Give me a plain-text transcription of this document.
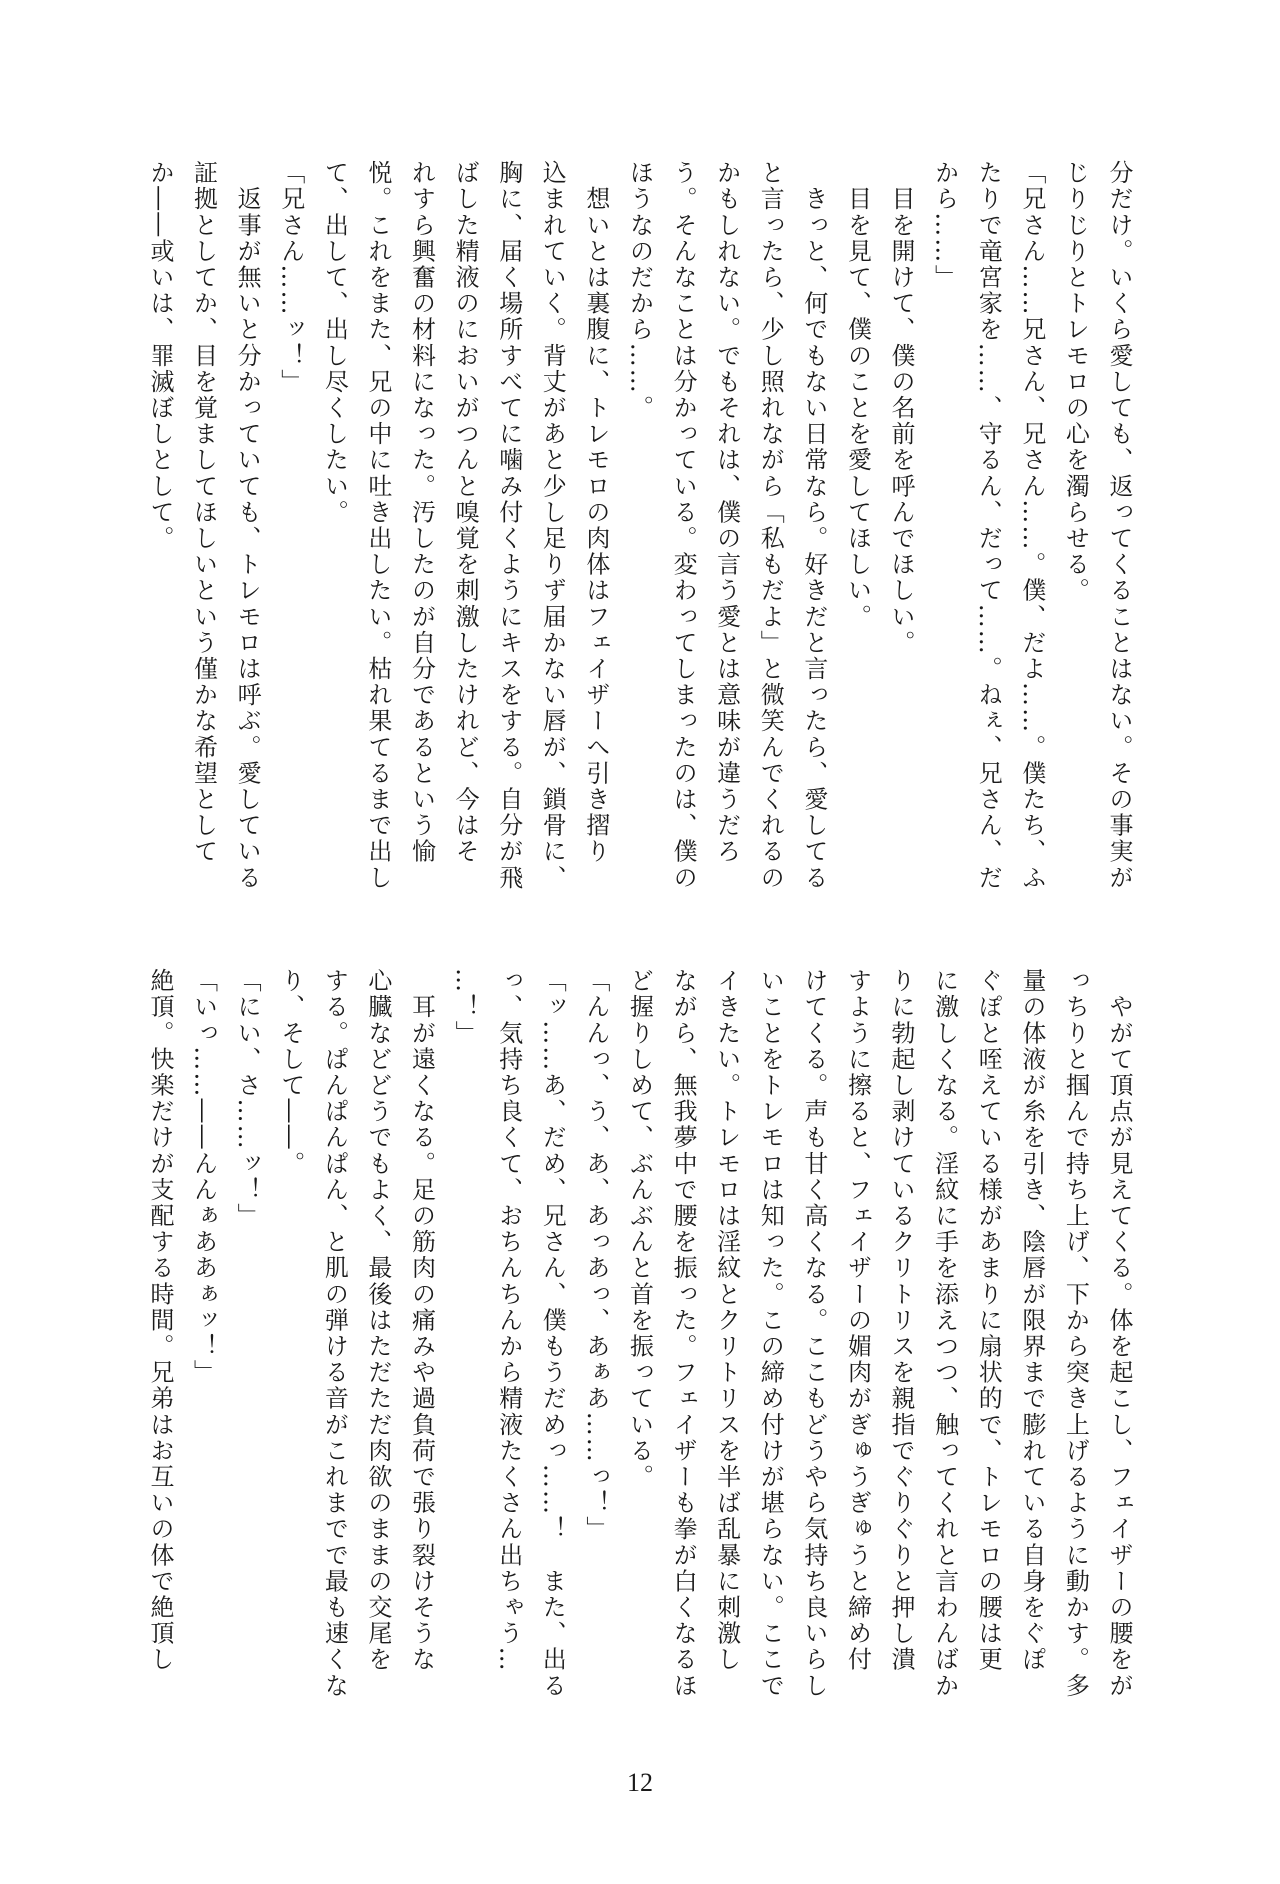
分だけ。いくら愛しても、返ってくることはない。その事実が
じりじりとトレモロの心を濁らせる。
「兄さん……兄さん、兄さん……。僕、だよ……。僕たち、ふ
たりで竜宮家を……、守るん、だって……。ねぇ、兄さん、だ
から……」
　目を開けて、僕の名前を呼んでほしい。
　目を見て、僕のことを愛してほしい。
　きっと、何でもない日常なら。好きだと言ったら、愛してる
と言ったら、少し照れながら「私もだよ」と微笑んでくれるの
かもしれない。でもそれは、僕の言う愛とは意味が違うだろ
う。そんなことは分かっている。変わってしまったのは、僕の
ほうなのだから……。
　想いとは裏腹に、トレモロの肉体はフェイザーへ引き摺り
込まれていく。背丈があと少し足りず届かない唇が、鎖骨に、
胸に、届く場所すべてに噛み付くようにキスをする。自分が飛
ばした精液のにおいがつんと嗅覚を刺激したけれど、今はそ
れすら興奮の材料になった。汚したのが自分であるという愉
悦。これをまた、兄の中に吐き出したい。枯れ果てるまで出し
て、出して、出し尽くしたい。
「兄さん……ッ！」
　返事が無いと分かっていても、トレモロは呼ぶ。愛している
証拠としてか、目を覚ましてほしいという僅かな希望として
か――或いは、罪滅ぼしとして。
　やがて頂点が見えてくる。体を起こし、フェイザーの腰をが
っちりと掴んで持ち上げ、下から突き上げるように動かす。多
量の体液が糸を引き、陰唇が限界まで膨れている自身をぐぽ
ぐぽと咥えている様があまりに扇状的で、トレモロの腰は更
に激しくなる。淫紋に手を添えつつ、触ってくれと言わんばか
りに勃起し剥けているクリトリスを親指でぐりぐりと押し潰
すように擦ると、フェイザーの媚肉がぎゅうぎゅうと締め付
けてくる。声も甘く高くなる。ここもどうやら気持ち良いらし
いことをトレモロは知った。この締め付けが堪らない。ここで
イきたい。トレモロは淫紋とクリトリスを半ば乱暴に刺激し
ながら、無我夢中で腰を振った。フェイザーも拳が白くなるほ
ど握りしめて、ぶんぶんと首を振っている。
「んんっ、う、あ、あっあっ、あぁあ……っ！」
「ッ……あ、だめ、兄さん、僕もうだめっ……！　また、出る
っ、気持ち良くて、おちんちんから精液たくさん出ちゃう…
…！」
　耳が遠くなる。足の筋肉の痛みや過負荷で張り裂けそうな
心臓などどうでもよく、最後はただただ肉欲のままの交尾を
する。ぱんぱんぱん、と肌の弾ける音がこれまでで最も速くな
り、そして――。
「にい、さ……ッ！」
「いっ……――んんぁああぁッ！」
絶頂。快楽だけが支配する時間。兄弟はお互いの体で絶頂し
12
